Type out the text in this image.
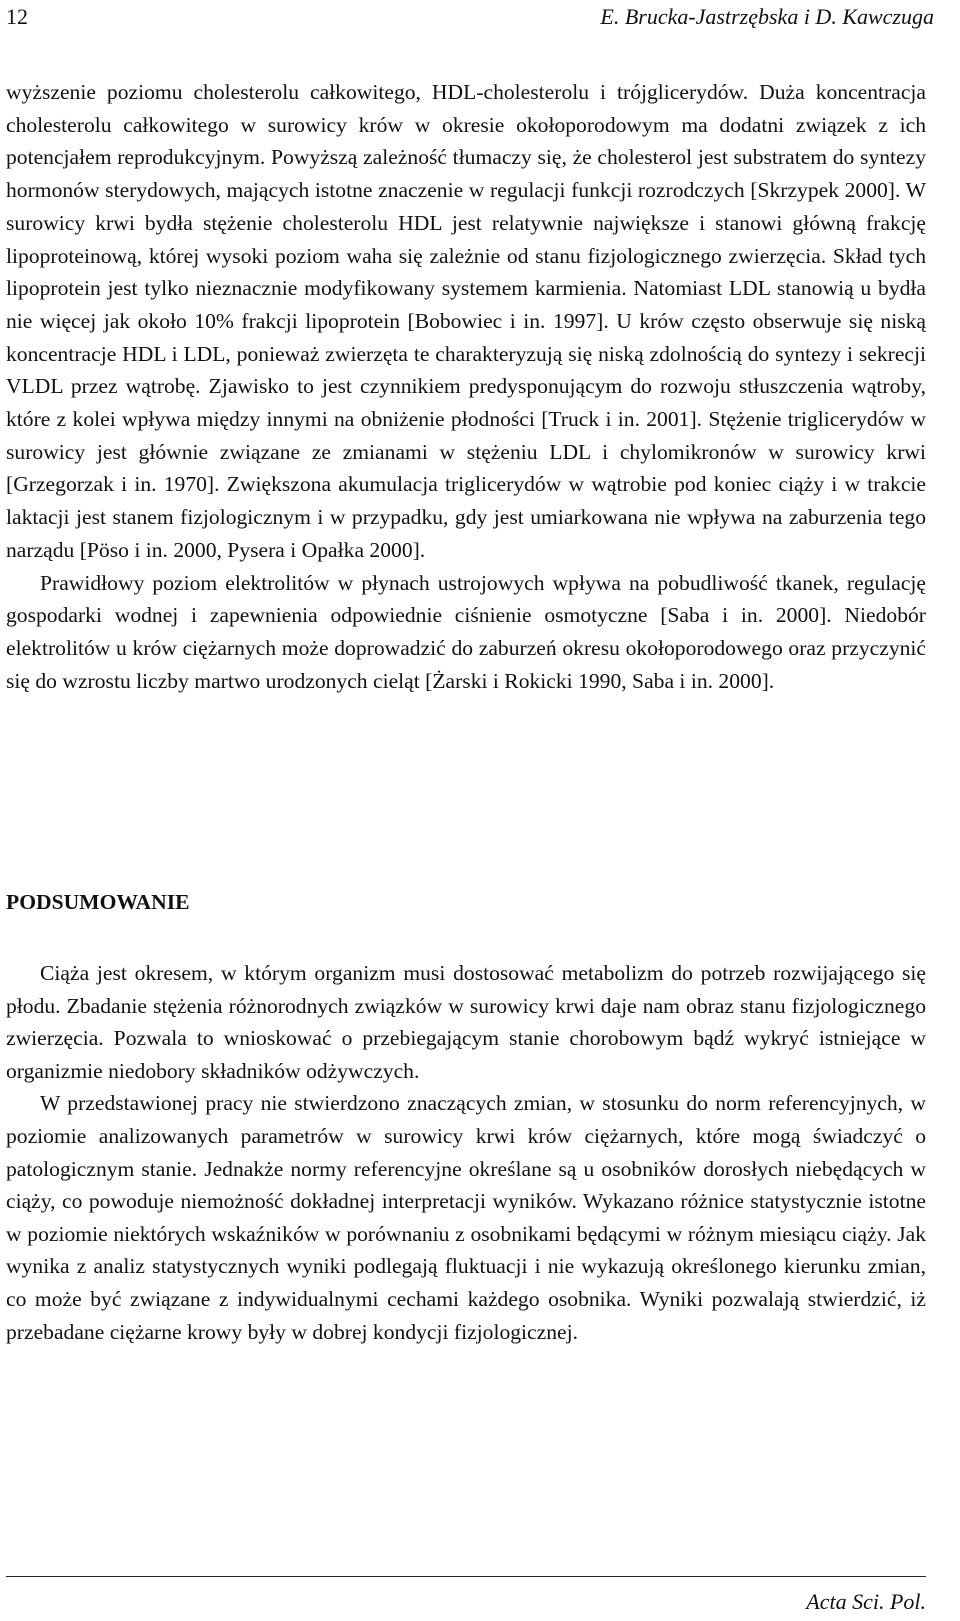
12	E. Brucka-Jastrzębska i D. Kawczuga

wyższenie poziomu cholesterolu całkowitego, HDL-cholesterolu i trójglicerydów. Duża koncentracja cholesterolu całkowitego w surowicy krów w okresie okołoporodowym ma dodatni związek z ich potencjałem reprodukcyjnym. Powyższą zależność tłumaczy się, że cholesterol jest substratem do syntezy hormonów sterydowych, mających istotne znaczenie w regulacji funkcji rozrodczych [Skrzypek 2000]. W surowicy krwi bydła stężenie cholesterolu HDL jest relatywnie największe i stanowi główną frakcję lipoproteinową, której wysoki poziom waha się zależnie od stanu fizjologicznego zwierzęcia. Skład tych lipoprotein jest tylko nieznacznie modyfikowany systemem karmienia. Natomiast LDL stanowią u bydła nie więcej jak około 10% frakcji lipoprotein [Bobowiec i in. 1997]. U krów często obserwuje się niską koncentracje HDL i LDL, ponieważ zwierzęta te charakteryzują się niską zdolnością do syntezy i sekrecji VLDL przez wątrobę. Zjawisko to jest czynnikiem predysponującym do rozwoju stłuszczenia wątroby, które z kolei wpływa między innymi na obniżenie płodności [Truck i in. 2001]. Stężenie triglicerydów w surowicy jest głównie związane ze zmianami w stężeniu LDL i chylomikronów w surowicy krwi [Grzegorzak i in. 1970]. Zwiększona akumulacja triglicerydów w wątrobie pod koniec ciąży i w trakcie laktacji jest stanem fizjologicznym i w przypadku, gdy jest umiarkowana nie wpływa na zaburzenia tego narządu [Pöso i in. 2000, Pysera i Opałka 2000].

Prawidłowy poziom elektrolitów w płynach ustrojowych wpływa na pobudliwość tkanek, regulację gospodarki wodnej i zapewnienia odpowiednie ciśnienie osmotyczne [Saba i in. 2000]. Niedobór elektrolitów u krów ciężarnych może doprowadzić do zaburzeń okresu okołoporodowego oraz przyczynić się do wzrostu liczby martwo urodzonych cieląt [Żarski i Rokicki 1990, Saba i in. 2000].

PODSUMOWANIE

Ciąża jest okresem, w którym organizm musi dostosować metabolizm do potrzeb rozwijającego się płodu. Zbadanie stężenia różnorodnych związków w surowicy krwi daje nam obraz stanu fizjologicznego zwierzęcia. Pozwala to wnioskować o przebiegającym stanie chorobowym bądź wykryć istniejące w organizmie niedobory składników odżywczych.

W przedstawionej pracy nie stwierdzono znaczących zmian, w stosunku do norm referencyjnych, w poziomie analizowanych parametrów w surowicy krwi krów ciężarnych, które mogą świadczyć o patologicznym stanie. Jednakże normy referencyjne określane są u osobników dorosłych niebędących w ciąży, co powoduje niemożność dokładnej interpretacji wyników. Wykazano różnice statystycznie istotne w poziomie niektórych wskaźników w porównaniu z osobnikami będącymi w różnym miesiącu ciąży. Jak wynika z analiz statystycznych wyniki podlegają fluktuacji i nie wykazują określonego kierunku zmian, co może być związane z indywidualnymi cechami każdego osobnika. Wyniki pozwalają stwierdzić, iż przebadane ciężarne krowy były w dobrej kondycji fizjologicznej.

Acta Sci. Pol.
